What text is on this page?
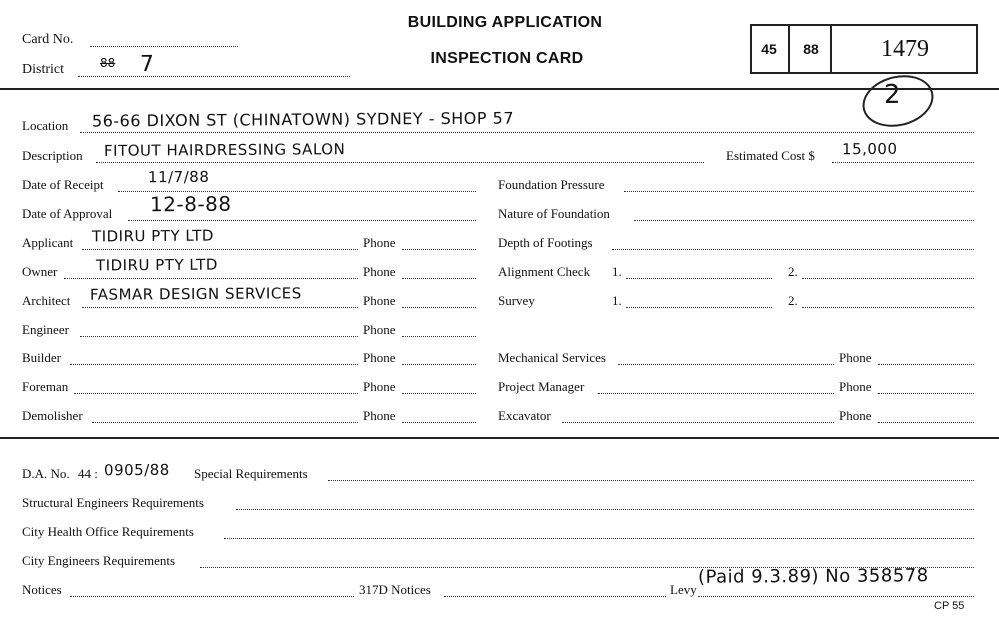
Card No.
District	88 7
BUILDING APPLICATION
INSPECTION CARD
45 88	1479
2
Location 56-66 DIXON ST (CHINATOWN) SYDNEY - SHOP 57
Description FITOUT HAIRDRESSING SALON	Estimated Cost $ 15,000
Date of Receipt	11/7/88
Date of Approval 12-8-88
Applicant TIDIRU PTY LTD	Phone
Owner	TIDIRU PTY LTD	Phone
Architect FASMAR DESIGN SERVICES	Phone
Engineer	Phone
Builder	Phone
Foreman	Phone
Demolisher	Phone
Foundation Pressure
Nature of Foundation
Depth of Footings
Alignment Check 1.	2.
Survey	1.	2.
Mechanical Services	Phone
Project Manager	Phone
Excavator	Phone
D.A. No. 44 : 0905/88 Special Requirements
Structural Engineers Requirements
City Health Office Requirements
City Engineers Requirements
Notices	317D Notices	Levy
(Paid 9.3.89) No 358578
CP 55
